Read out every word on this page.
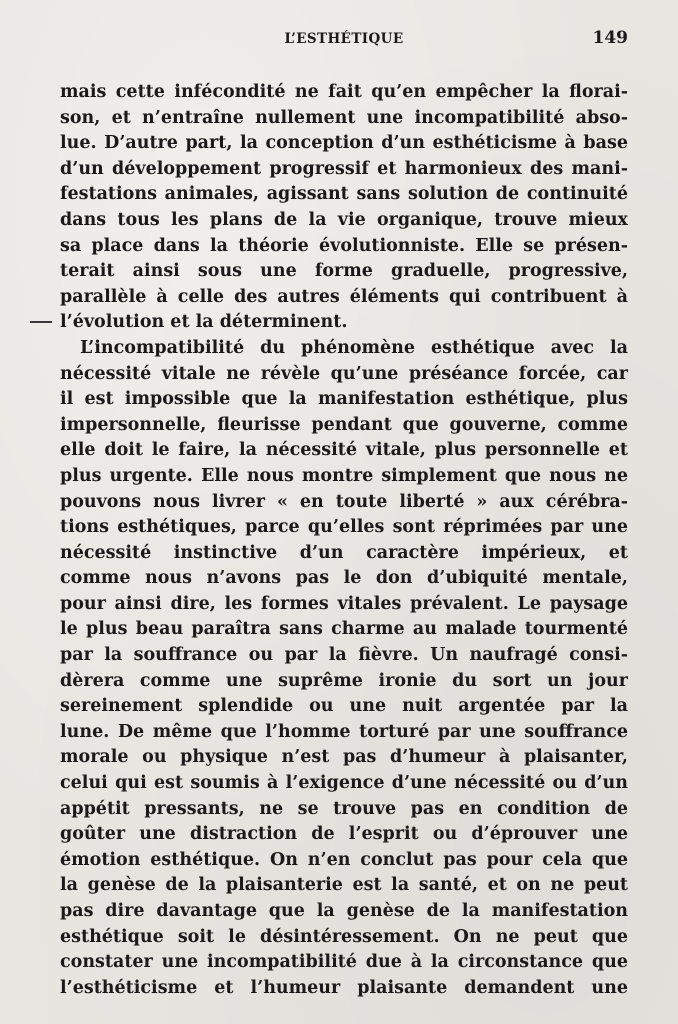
L’ESTHÉTIQUE	149
mais cette infécondité ne fait qu’en empêcher la florai-
son, et n’entraîne nullement une incompatibilité abso-
lue. D’autre part, la conception d’un esthéticisme à base
d’un développement progressif et harmonieux des mani-
festations animales, agissant sans solution de continuité
dans tous les plans de la vie organique, trouve mieux
sa place dans la théorie évolutionniste. Elle se présen-
terait ainsi sous une forme graduelle, progressive,
parallèle à celle des autres éléments qui contribuent à
l’évolution et la déterminent.
L’incompatibilité du phénomène esthétique avec la
nécessité vitale ne révèle qu’une préséance forcée, car
il est impossible que la manifestation esthétique, plus
impersonnelle, fleurisse pendant que gouverne, comme
elle doit le faire, la nécessité vitale, plus personnelle et
plus urgente. Elle nous montre simplement que nous ne
pouvons nous livrer « en toute liberté » aux cérébra-
tions esthétiques, parce qu’elles sont réprimées par une
nécessité instinctive d’un caractère impérieux, et
comme nous n’avons pas le don d’ubiquité mentale,
pour ainsi dire, les formes vitales prévalent. Le paysage
le plus beau paraîtra sans charme au malade tourmenté
par la souffrance ou par la fièvre. Un naufragé consi-
dèrera comme une suprême ironie du sort un jour
sereinement splendide ou une nuit argentée par la
lune. De même que l’homme torturé par une souffrance
morale ou physique n’est pas d’humeur à plaisanter,
celui qui est soumis à l’exigence d’une nécessité ou d’un
appétit pressants, ne se trouve pas en condition de
goûter une distraction de l’esprit ou d’éprouver une
émotion esthétique. On n’en conclut pas pour cela que
la genèse de la plaisanterie est la santé, et on ne peut
pas dire davantage que la genèse de la manifestation
esthétique soit le désintéressement. On ne peut que
constater une incompatibilité due à la circonstance que
l’esthéticisme et l’humeur plaisante demandent une
